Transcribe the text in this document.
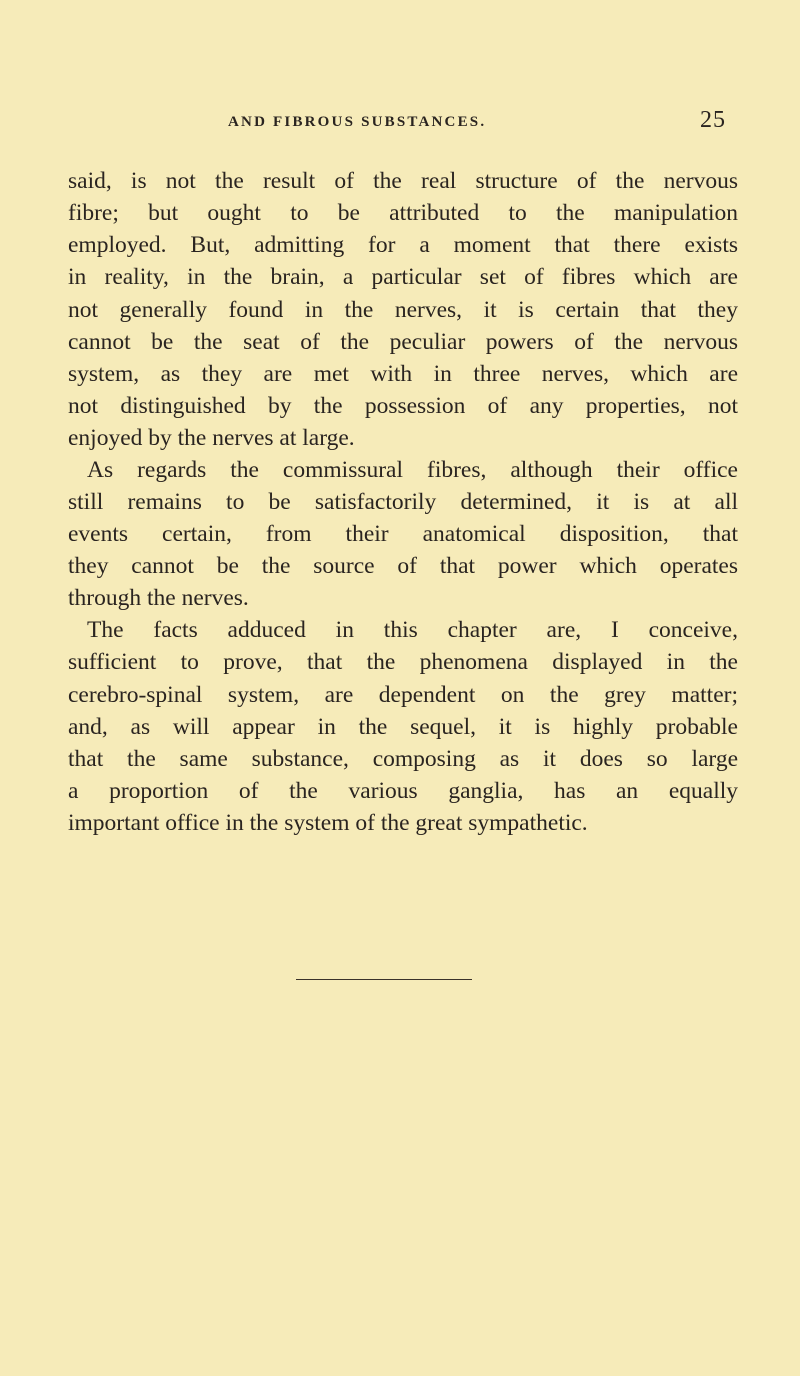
AND FIBROUS SUBSTANCES.	25
said, is not the result of the real structure of the nervous
fibre; but ought to be attributed to the manipulation
employed. But, admitting for a moment that there exists
in reality, in the brain, a particular set of fibres which are
not generally found in the nerves, it is certain that they
cannot be the seat of the peculiar powers of the nervous
system, as they are met with in three nerves, which are
not distinguished by the possession of any properties, not
enjoyed by the nerves at large.
As regards the commissural fibres, although their office
still remains to be satisfactorily determined, it is at all
events certain, from their anatomical disposition, that
they cannot be the source of that power which operates
through the nerves.
The facts adduced in this chapter are, I conceive,
sufficient to prove, that the phenomena displayed in the
cerebro-spinal system, are dependent on the grey matter;
and, as will appear in the sequel, it is highly probable
that the same substance, composing as it does so large
a proportion of the various ganglia, has an equally
important office in the system of the great sympathetic.
